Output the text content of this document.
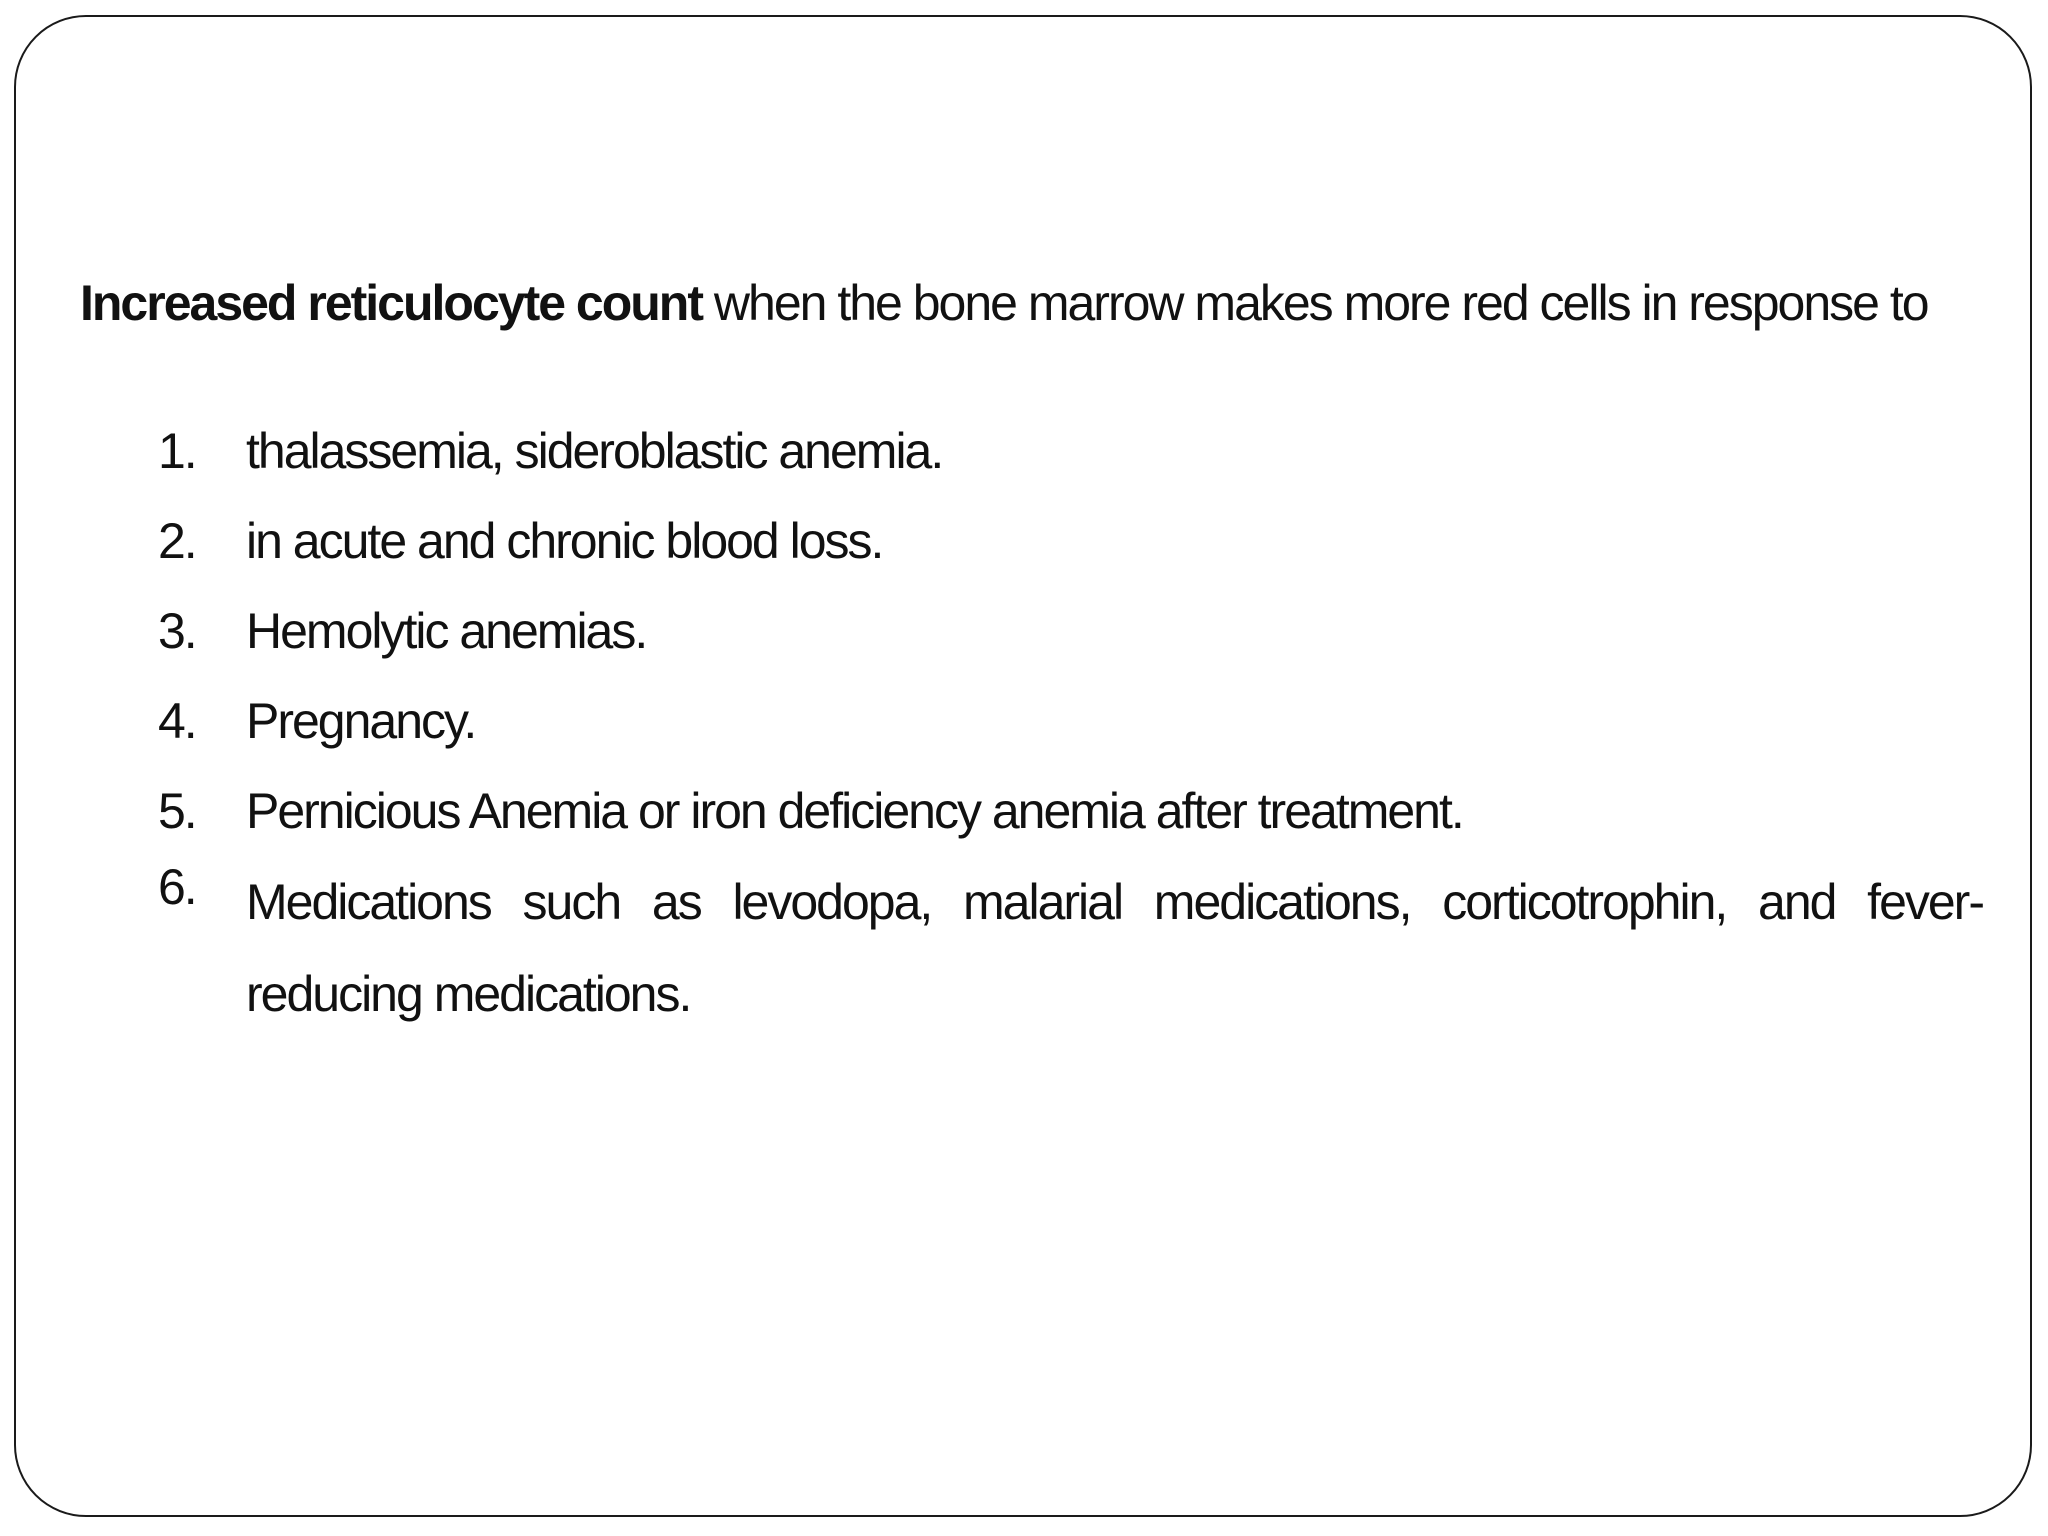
Increased reticulocyte count when the bone marrow makes more red cells in response to

1. thalassemia, sideroblastic anemia.
2. in acute and chronic blood loss.
3. Hemolytic anemias.
4. Pregnancy.
5. Pernicious Anemia or iron deficiency anemia after treatment.
6. Medications such as levodopa, malarial medications, corticotrophin, and fever-reducing medications.
